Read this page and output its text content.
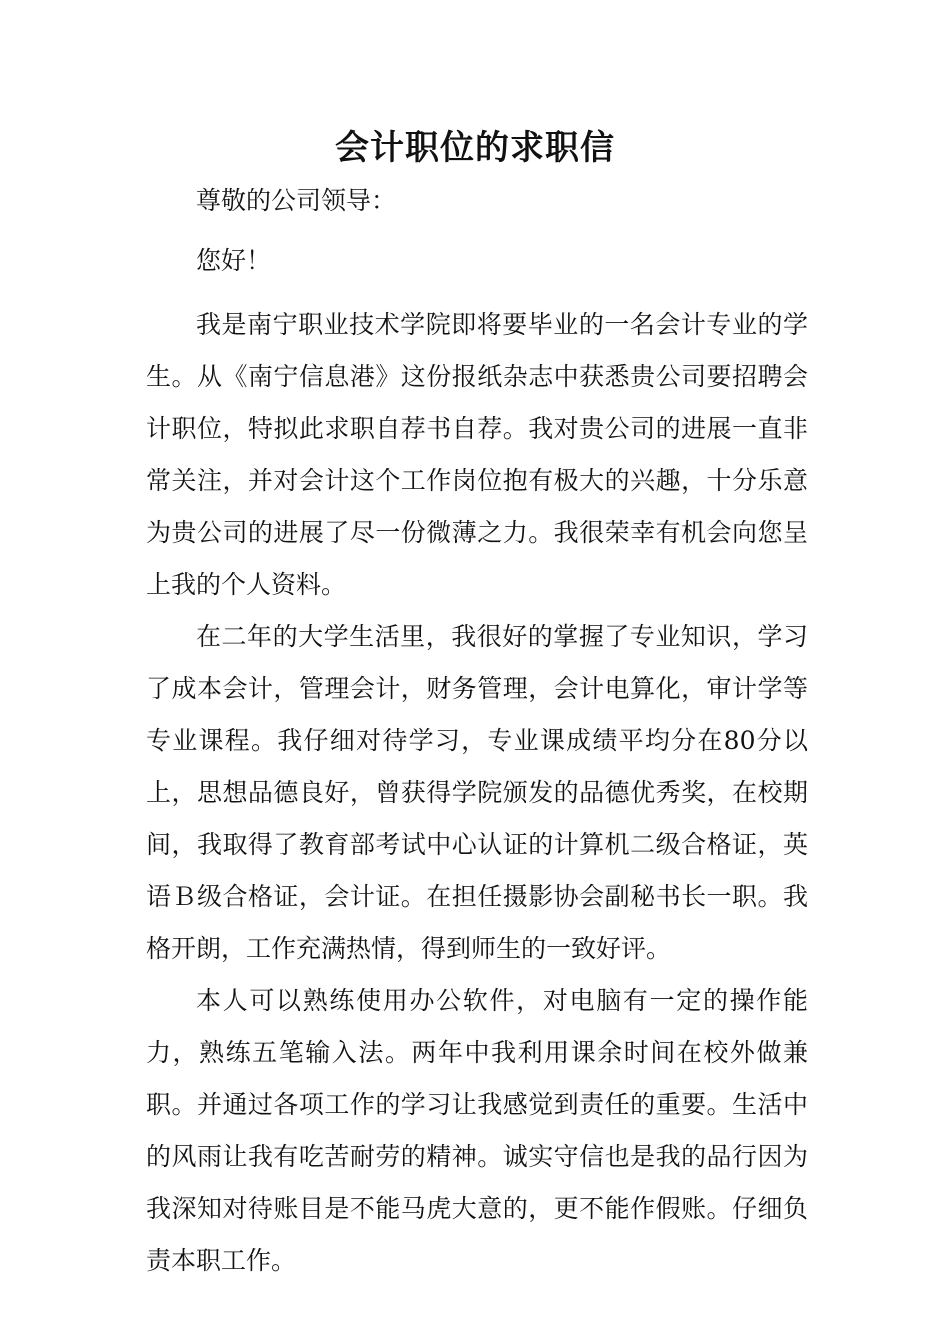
会计职位的求职信

尊敬的公司领导：

您好！

我是南宁职业技术学院即将要毕业的一名会计专业的学生。从《南宁信息港》这份报纸杂志中获悉贵公司要招聘会计职位，特拟此求职自荐书自荐。我对贵公司的进展一直非常关注，并对会计这个工作岗位抱有极大的兴趣，十分乐意为贵公司的进展了尽一份微薄之力。我很荣幸有机会向您呈上我的个人资料。

在二年的大学生活里，我很好的掌握了专业知识，学习了成本会计，管理会计，财务管理，会计电算化，审计学等专业课程。我仔细对待学习，专业课成绩平均分在80分以上，思想品德良好，曾获得学院颁发的品德优秀奖，在校期间，我取得了教育部考试中心认证的计算机二级合格证，英语Ｂ级合格证，会计证。在担任摄影协会副秘书长一职。我格开朗，工作充满热情，得到师生的一致好评。

本人可以熟练使用办公软件，对电脑有一定的操作能力，熟练五笔输入法。两年中我利用课余时间在校外做兼职。并通过各项工作的学习让我感觉到责任的重要。生活中的风雨让我有吃苦耐劳的精神。诚实守信也是我的品行因为我深知对待账目是不能马虎大意的，更不能作假账。仔细负责本职工作。
